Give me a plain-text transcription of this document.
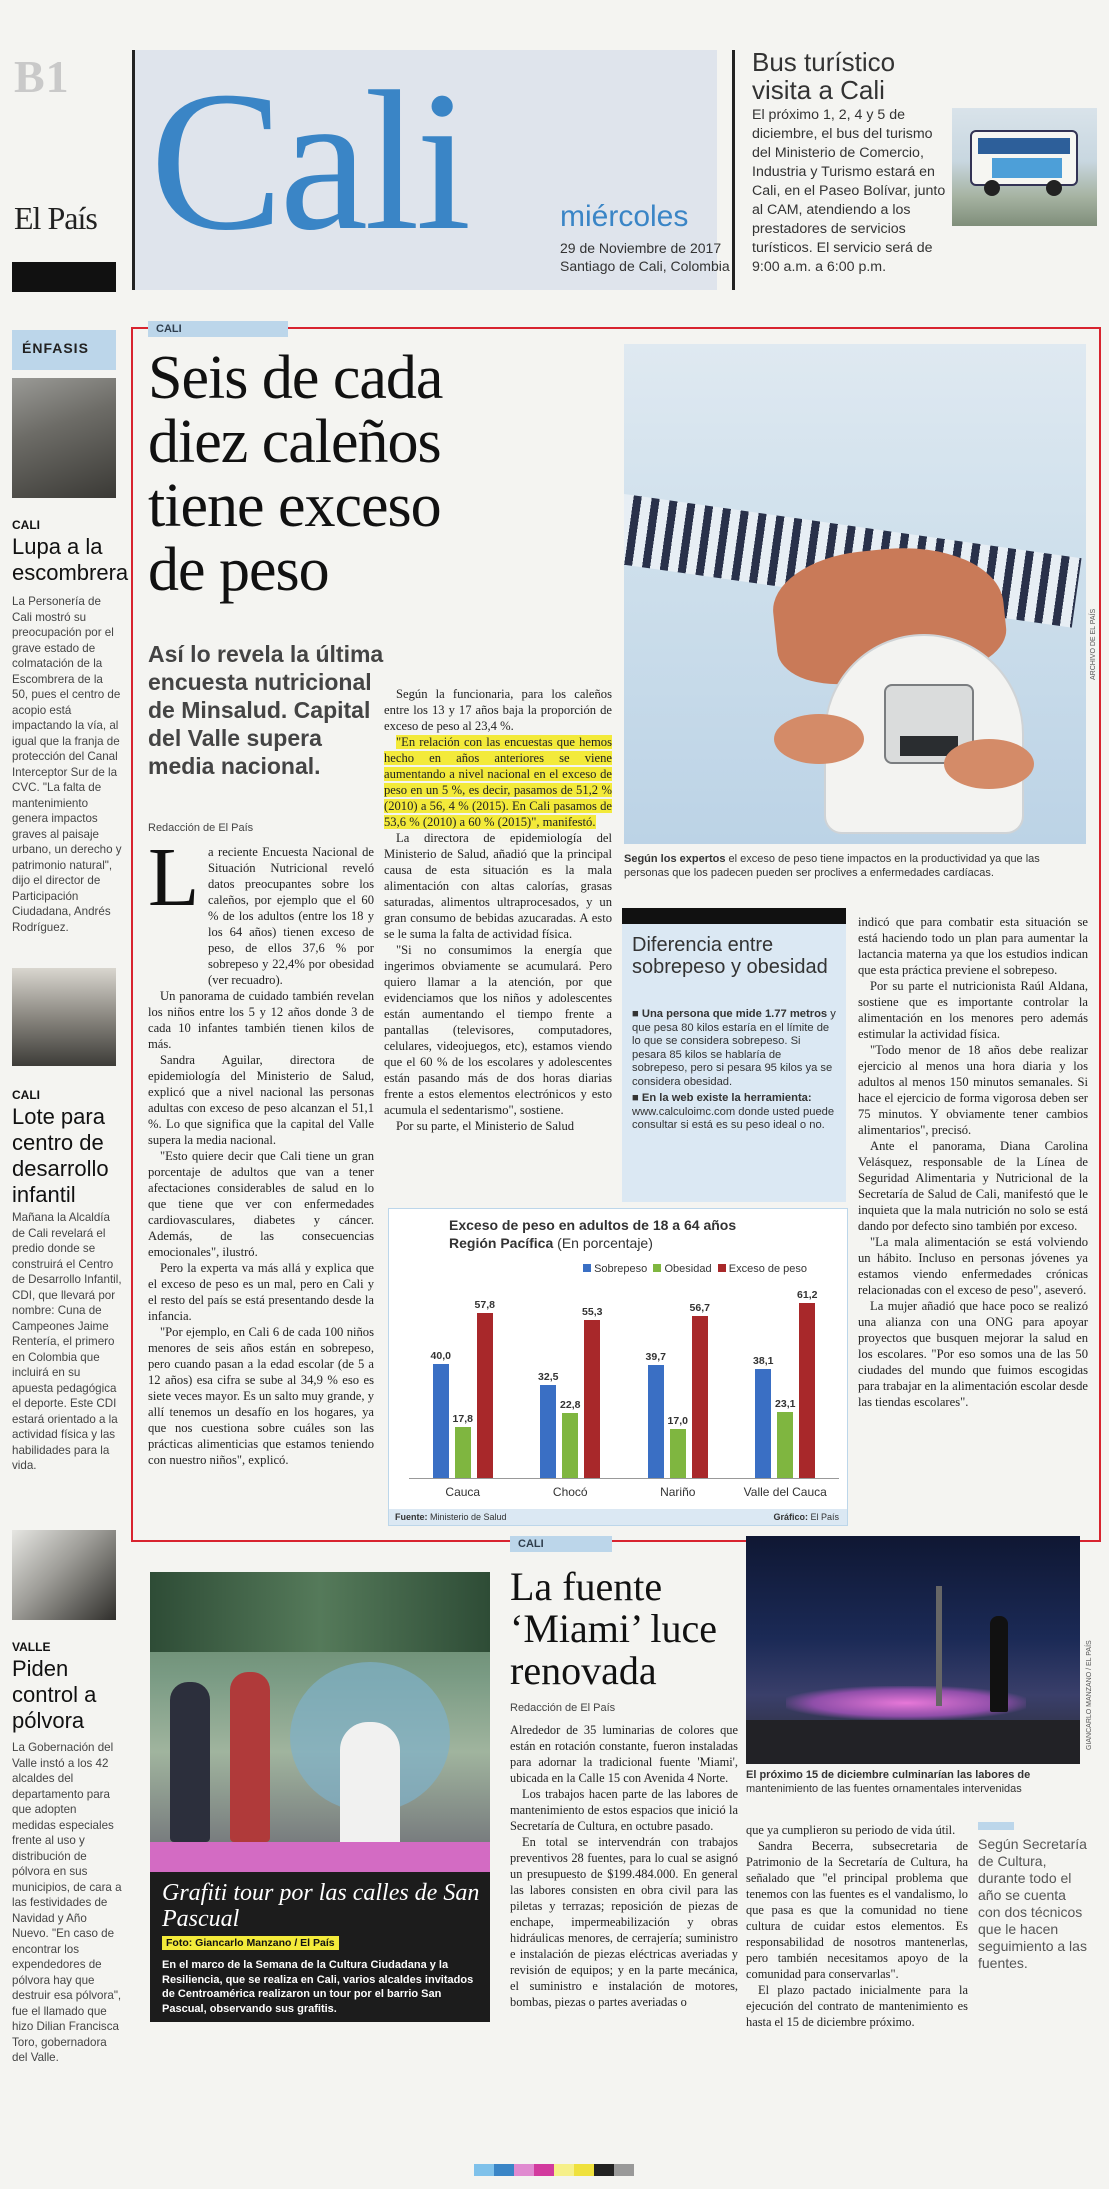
B1
El País Cali	miércoles
29 de Noviembre de 2017
Santiago de Cali, Colombia
Bus turístico visita a Cali
El próximo 1, 2, 4 y 5 de diciembre, el bus del turismo del Ministerio de Comercio, Industria y Turismo estará en Cali, en el Paseo Bolívar, junto al CAM, atendiendo a los prestadores de servicios turísticos. El servicio será de 9:00 a.m. a 6:00 p.m.
ÉNFASIS
CALI
Lupa a la escombrera
La Personería de Cali mostró su preocupación por el grave estado de colmatación de la Escombrera de la 50, pues el centro de acopio está impactando la vía, al igual que la franja de protección del Canal Interceptor Sur de la CVC. "La falta de mantenimiento genera impactos graves al paisaje urbano, un derecho y patrimonio natural", dijo el director de Participación Ciudadana, Andrés Rodríguez.
CALI
Lote para centro de desarrollo infantil
Mañana la Alcaldía de Cali revelará el predio donde se construirá el Centro de Desarrollo Infantil, CDI, que llevará por nombre: Cuna de Campeones Jaime Rentería, el primero en Colombia que incluirá en su apuesta pedagógica el deporte. Este CDI estará orientado a la actividad física y las habilidades para la vida.
VALLE
Piden control a pólvora
La Gobernación del Valle instó a los 42 alcaldes del departamento para que adopten medidas especiales frente al uso y distribución de pólvora en sus municipios, de cara a las festividades de Navidad y Año Nuevo. "En caso de encontrar los expendedores de pólvora hay que destruir esa pólvora", fue el llamado que hizo Dilian Francisca Toro, gobernadora del Valle.
CALI
Seis de cada diez caleños tiene exceso de peso
Así lo revela la última encuesta nutricional de Minsalud. Capital del Valle supera media nacional.
Redacción de El País
L a reciente Encuesta Nacional de Situación Nutricional reveló datos preocupantes sobre los caleños, por ejemplo que el 60 % de los adultos (entre los 18 y los 64 años) tienen exceso de peso, de ellos 37,6 % por sobrepeso y 22,4% por obesidad (ver recuadro).

Un panorama de cuidado también revelan los niños entre los 5 y 12 años donde 3 de cada 10 infantes también tienen kilos de más.

Sandra Aguilar, directora de epidemiología del Ministerio de Salud, explicó que a nivel nacional las personas adultas con exceso de peso alcanzan el 51,1 %. Lo que significa que la capital del Valle supera la media nacional.

"Esto quiere decir que Cali tiene un gran porcentaje de adultos que van a tener afectaciones considerables de salud en lo que tiene que ver con enfermedades cardiovasculares, diabetes y cáncer. Además, de las consecuencias emocionales", ilustró.

Pero la experta va más allá y explica que el exceso de peso es un mal, pero en Cali y el resto del país se está presentando desde la infancia.

"Por ejemplo, en Cali 6 de cada 100 niños menores de seis años están en sobrepeso, pero cuando pasan a la edad escolar (de 5 a 12 años) esa cifra se sube al 34,9 % eso es siete veces mayor. Es un salto muy grande, y allí tenemos un desafío en los hogares, ya que nos cuestiona sobre cuáles son las prácticas alimenticias que estamos teniendo con nuestro niños", explicó.

Según la funcionaria, para los caleños entre los 13 y 17 años baja la proporción de exceso de peso al 23,4 %.

"En relación con las encuestas que hemos hecho en años anteriores se viene aumentando a nivel nacional en el exceso de peso en un 5 %, es decir, pasamos de 51,2 % (2010) a 56, 4 % (2015). En Cali pasamos de 53,6 % (2010) a 60 % (2015)", manifestó.

La directora de epidemiología del Ministerio de Salud, añadió que la principal causa de esta situación es la mala alimentación con altas calorías, grasas saturadas, alimentos ultraprocesados, y un gran consumo de bebidas azucaradas. A esto se le suma la falta de actividad física.

"Si no consumimos la energía que ingerimos obviamente se acumulará. Pero quiero llamar a la atención, por que evidenciamos que los niños y adolescentes están aumentando el tiempo frente a pantallas (televisores, computadores, celulares, videojuegos, etc), estamos viendo que el 60 % de los escolares y adolescentes están pasando más de dos horas diarias frente a estos elementos electrónicos y esto acumula el sedentarismo", sostiene.

Por su parte, el Ministerio de Salud

ARCHIVO DE EL PAÍS
Según los expertos el exceso de peso tiene impactos en la productividad ya que las personas que los padecen pueden ser proclives a enfermedades cardíacas.
Diferencia entre sobrepeso y obesidad
■ Una persona que mide 1.77 metros y que pesa 80 kilos estaría en el límite de lo que se considera sobrepeso. Si pesara 85 kilos se hablaría de sobrepeso, pero si pesara 95 kilos ya se considera obesidad.
■ En la web existe la herramienta: www.calculoimc.com donde usted puede consultar si está es su peso ideal o no.

indicó que para combatir esta situación se está haciendo todo un plan para aumentar la lactancia materna ya que los estudios indican que esta práctica previene el sobrepeso.

Por su parte el nutricionista Raúl Aldana, sostiene que es importante controlar la alimentación en los menores pero además estimular la actividad física.

"Todo menor de 18 años debe realizar ejercicio al menos una hora diaria y los adultos al menos 150 minutos semanales. Si hace el ejercicio de forma vigorosa deben ser 75 minutos. Y obviamente tener cambios alimentarios", precisó.

Ante el panorama, Diana Carolina Velásquez, responsable de la Línea de Seguridad Alimentaria y Nutricional de la Secretaría de Salud de Cali, manifestó que le inquieta que la mala nutrición no solo se está dando por defecto sino también por exceso.

"La mala alimentación se está volviendo un hábito. Incluso en personas jóvenes ya estamos viendo enfermedades crónicas relacionadas con el exceso de peso", aseveró.

La mujer añadió que hace poco se realizó una alianza con una ONG para apoyar proyectos que busquen mejorar la salud en los escolares. "Por eso somos una de las 50 ciudades del mundo que fuimos escogidas para trabajar en la alimentación escolar desde las tiendas escolares".

Exceso de peso en adultos de 18 a 64 años
Región Pacífica (En porcentaje)
Sobrepeso Obesidad Exceso de peso
40,0
17,8
57,8
32,5
22,8
55,3
39,7
17,0
56,7
38,1
23,1
61,2
Cauca	Chocó	Nariño	Valle del Cauca
Fuente: Ministerio de Salud	Gráfico: El País
Grafiti tour por las calles de San Pascual
Foto: Giancarlo Manzano / El País
En el marco de la Semana de la Cultura Ciudadana y la Resiliencia, que se realiza en Cali, varios alcaldes invitados de Centroamérica realizaron un tour por el barrio San Pascual, observando sus grafitis.
CALI
La fuente ‘Miami’ luce renovada
Redacción de El País

Alrededor de 35 luminarias de colores que están en rotación constante, fueron instaladas para adornar la tradicional fuente 'Miami', ubicada en la Calle 15 con Avenida 4 Norte.

Los trabajos hacen parte de las labores de mantenimiento de estos espacios que inició la Secretaría de Cultura, en octubre pasado.

En total se intervendrán con trabajos preventivos 28 fuentes, para lo cual se asignó un presupuesto de $199.484.000. En general las labores consisten en obra civil para las piletas y terrazas; reposición de piezas de enchape, impermeabilización y obras hidráulicas menores, de cerrajería; suministro e instalación de piezas eléctricas averiadas y revisión de equipos; y en la parte mecánica, el suministro e instalación de motores, bombas, piezas o partes averiadas o

GIANCARLO MANZANO / EL PAÍS
El próximo 15 de diciembre culminarían las labores de mantenimiento de las fuentes ornamentales intervenidas

que ya cumplieron su periodo de vida útil.

Sandra Becerra, subsecretaria de Patrimonio de la Secretaría de Cultura, ha señalado que "el principal problema que tenemos con las fuentes es el vandalismo, lo que pasa es que la comunidad no tiene cultura de cuidar estos elementos. Es responsabilidad de nosotros mantenerlas, pero también necesitamos apoyo de la comunidad para conservarlas".

El plazo pactado inicialmente para la ejecución del contrato de mantenimiento es hasta el 15 de diciembre próximo.

Según Secretaría de Cultura, durante todo el año se cuenta con dos técnicos que le hacen seguimiento a las fuentes.
